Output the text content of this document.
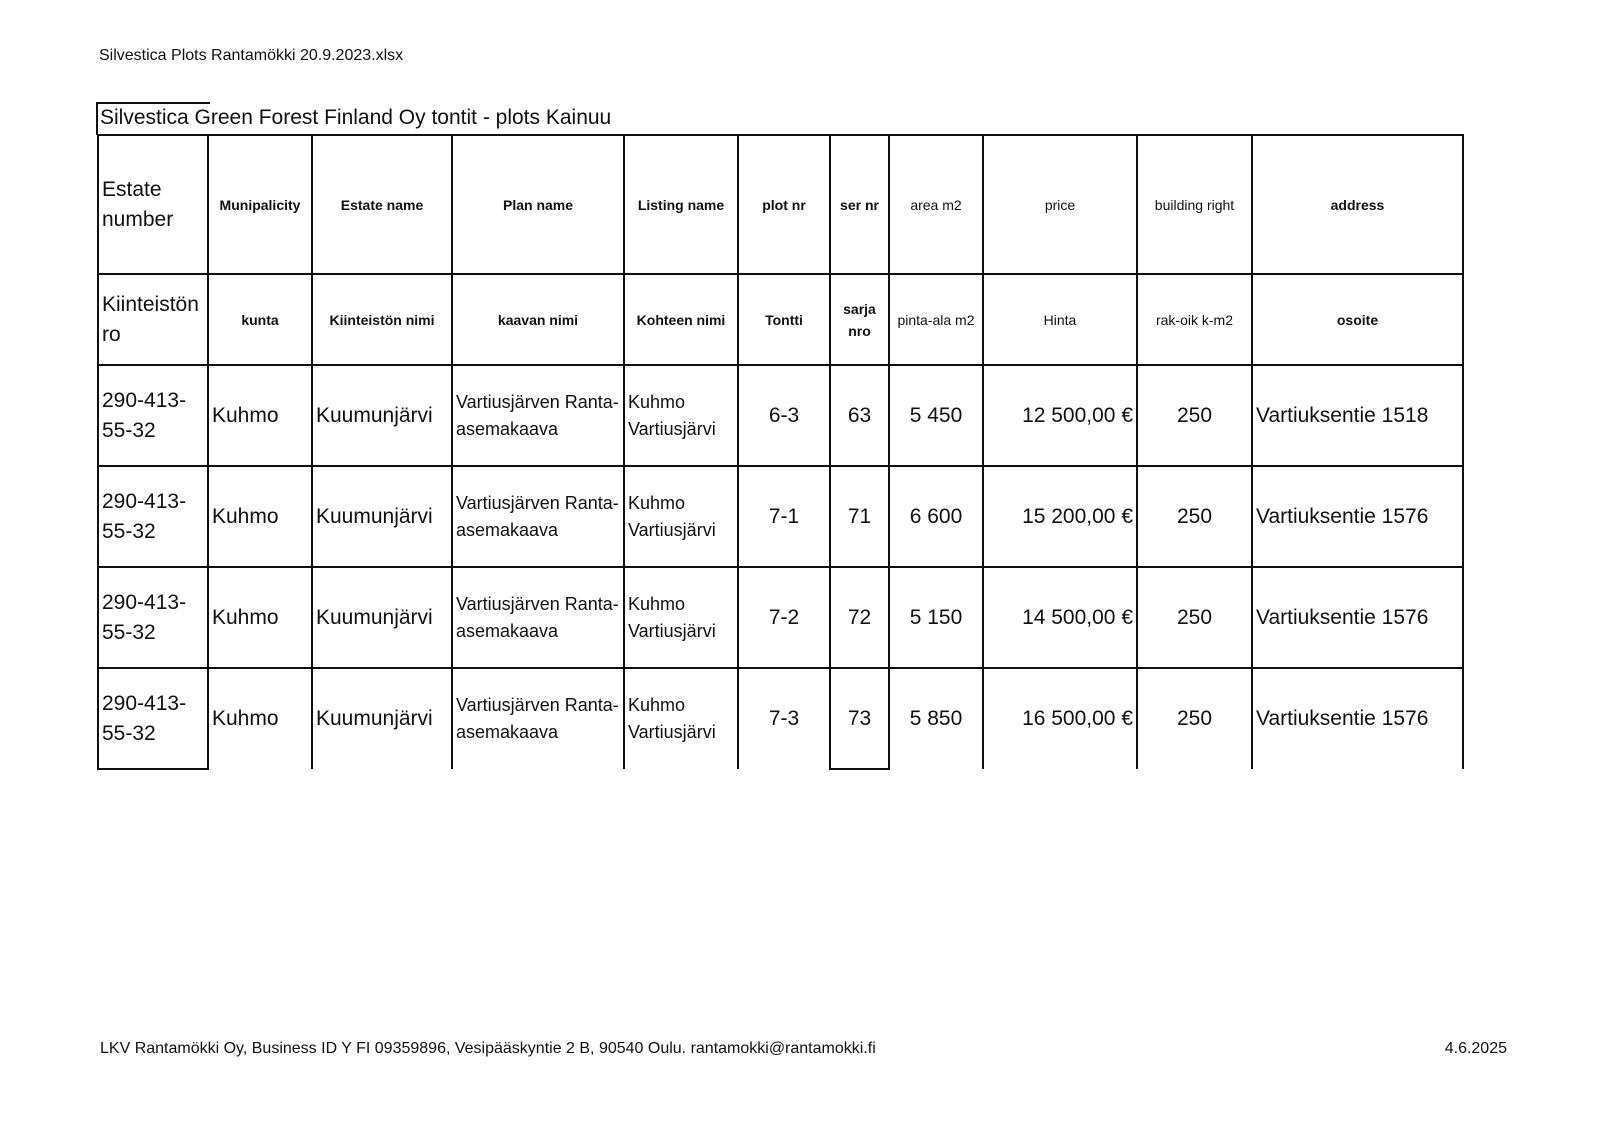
Silvestica Plots Rantamökki 20.9.2023.xlsx
Silvestica Green Forest Finland Oy tontit - plots Kainuu
Estate number	Munipalicity	Estate name	Plan name	Listing name	plot nr	ser nr	area m2	price	building right	address
Kiinteistön ro	kunta	Kiinteistön nimi	kaavan nimi	Kohteen nimi	Tontti	sarja nro	pinta-ala m2	Hinta	rak-oik k-m2	osoite
290-413-55-32	Kuhmo	Kuumunjärvi	Vartiusjärven Ranta-asemakaava	Kuhmo Vartiusjärvi	6-3	63	5 450	12 500,00 €	250	Vartiuksentie 1518
290-413-55-32	Kuhmo	Kuumunjärvi	Vartiusjärven Ranta-asemakaava	Kuhmo Vartiusjärvi	7-1	71	6 600	15 200,00 €	250	Vartiuksentie 1576
290-413-55-32	Kuhmo	Kuumunjärvi	Vartiusjärven Ranta-asemakaava	Kuhmo Vartiusjärvi	7-2	72	5 150	14 500,00 €	250	Vartiuksentie 1576
290-413-55-32	Kuhmo	Kuumunjärvi	Vartiusjärven Ranta-asemakaava	Kuhmo Vartiusjärvi	7-3	73	5 850	16 500,00 €	250	Vartiuksentie 1576
LKV Rantamökki Oy, Business ID Y FI 09359896, Vesipääskyntie 2 B, 90540 Oulu. rantamokki@rantamokki.fi	4.6.2025
